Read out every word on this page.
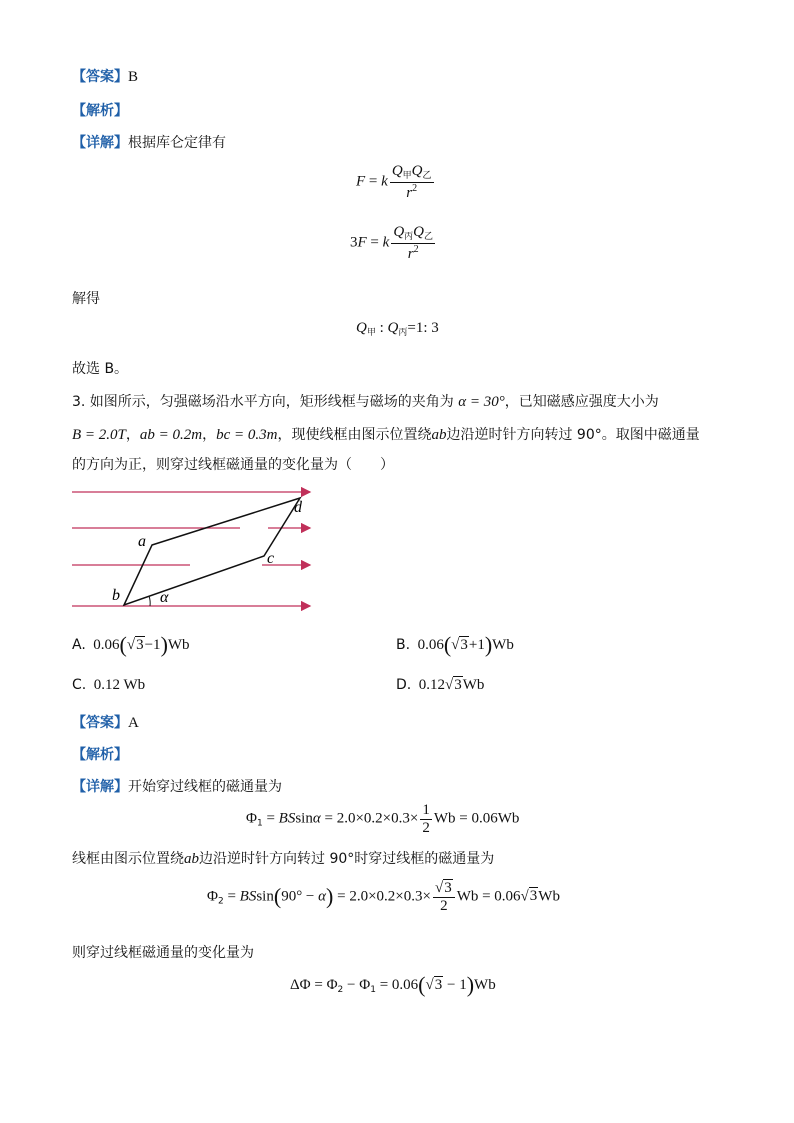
【答案】B
【解析】
【详解】根据库仑定律有
F = k $\frac{Q_甲Q_乙}{r^2}$
3F = k $\frac{Q_丙Q_乙}{r^2}$
解得
$Q_甲$ : $Q_丙=1$: 3
故选 B。
3. 如图所示，匀强磁场沿水平方向，矩形线框与磁场的夹角为 α = 30°，已知磁感应强度大小为
B = 2.0T，ab = 0.2m，bc = 0.3m，现使线框由图示位置绕ab边沿逆时针方向转过 90°。取图中磁通量
的方向为正，则穿过线框磁通量的变化量为（　　）
a
b
c
d
α
A. 0.06(√3−1)Wb	B. 0.06(√3+1)Wb
C. 0.12 Wb	D. 0.12√3Wb
【答案】A
【解析】
【详解】开始穿过线框的磁通量为
$\Phi_1 = BSsin\alpha = 2.0\times 0.2\times 0.3\times \frac{1}{2}$ Wb = 0.06Wb
线框由图示位置绕ab边沿逆时针方向转过 90°时穿过线框的磁通量为
$\Phi_2 = BSsin(90^\circ - \alpha) = 2.0\times 0.2\times 0.3\times \frac{√3}{2}$ Wb = 0.06√3Wb
则穿过线框磁通量的变化量为
$\Delta\Phi = \Phi_2 - \Phi_1 = 0.06(√3 - 1)Wb$
